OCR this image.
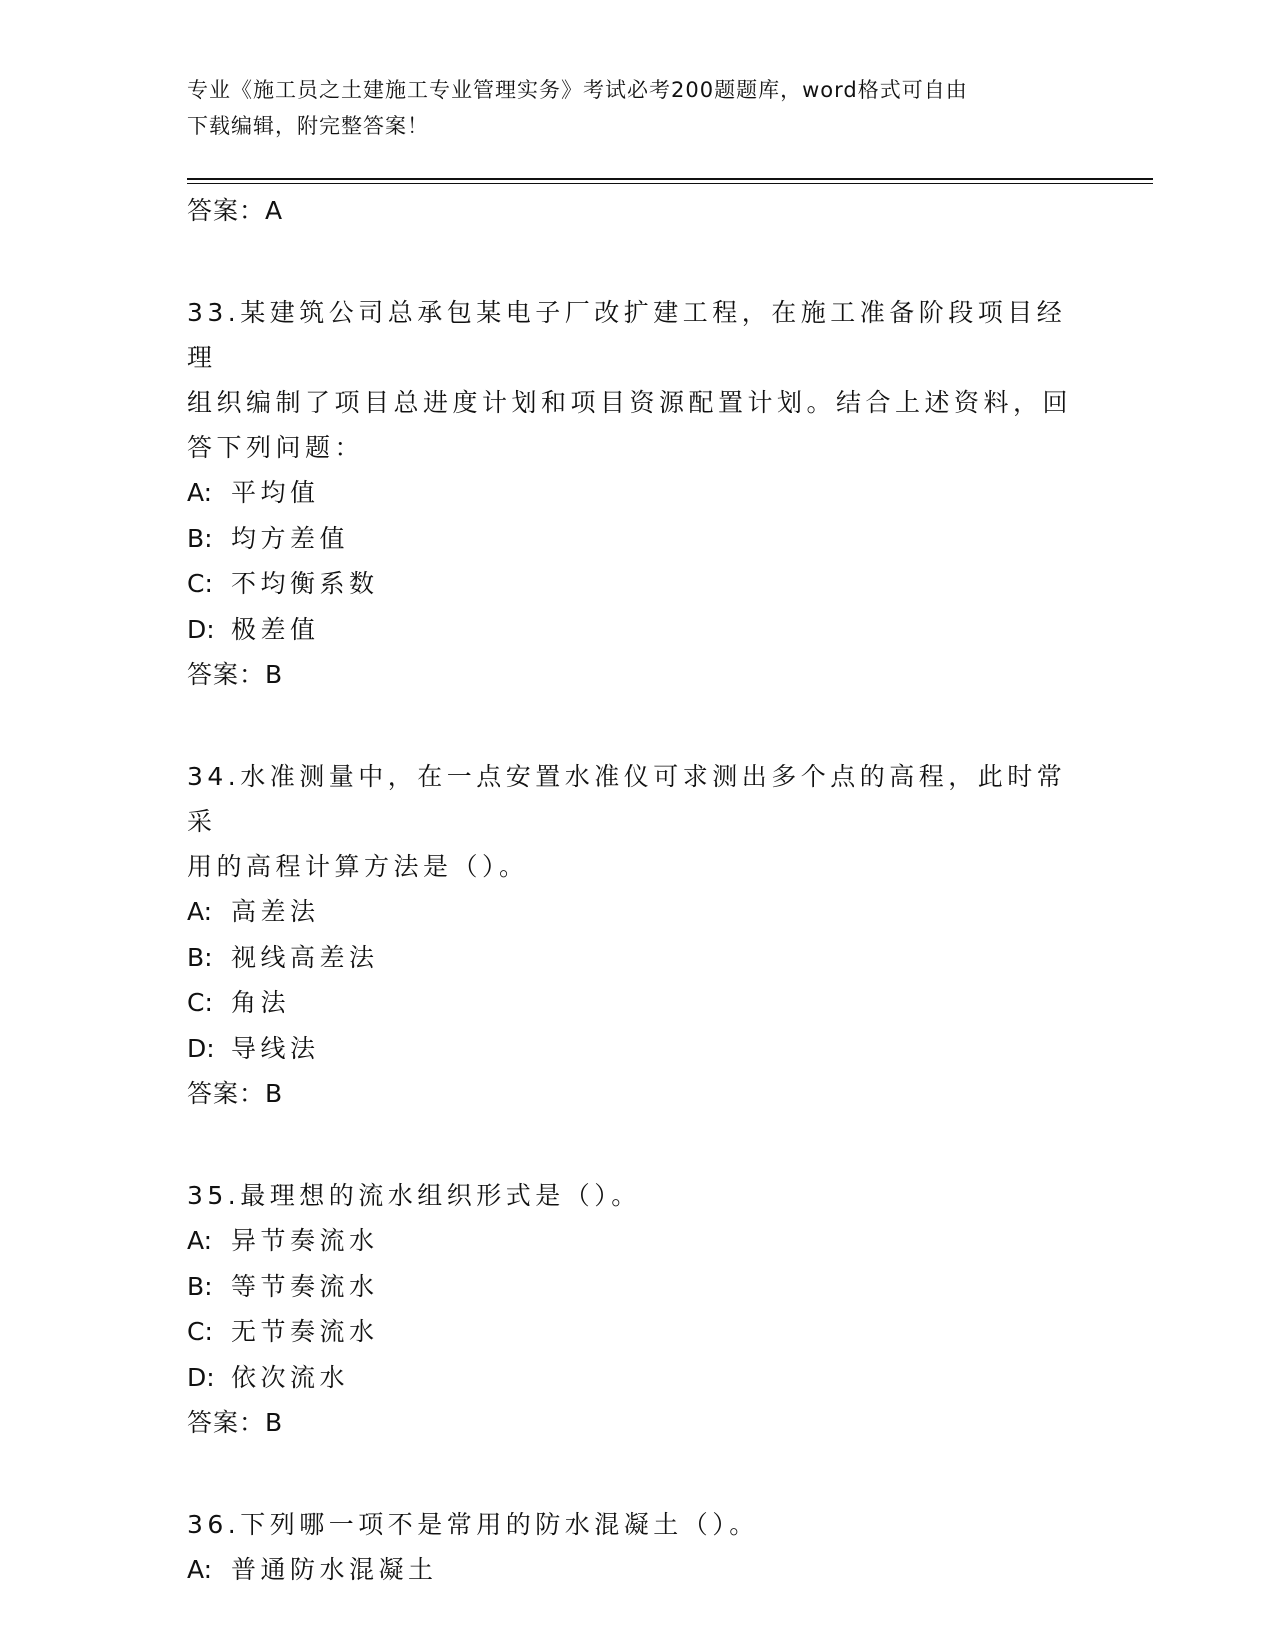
专业《施工员之土建施工专业管理实务》考试必考200题题库，word格式可自由
下载编辑，附完整答案！
答案：A
33.某建筑公司总承包某电子厂改扩建工程，在施工准备阶段项目经理
组织编制了项目总进度计划和项目资源配置计划。结合上述资料，回
答下列问题：
A: 平均值
B: 均方差值
C: 不均衡系数
D: 极差值
答案：B
34.水准测量中，在一点安置水准仪可求测出多个点的高程，此时常采
用的高程计算方法是（）。
A: 高差法
B: 视线高差法
C: 角法
D: 导线法
答案：B
35.最理想的流水组织形式是（）。
A: 异节奏流水
B: 等节奏流水
C: 无节奏流水
D: 依次流水
答案：B
36.下列哪一项不是常用的防水混凝土（）。
A: 普通防水混凝土
